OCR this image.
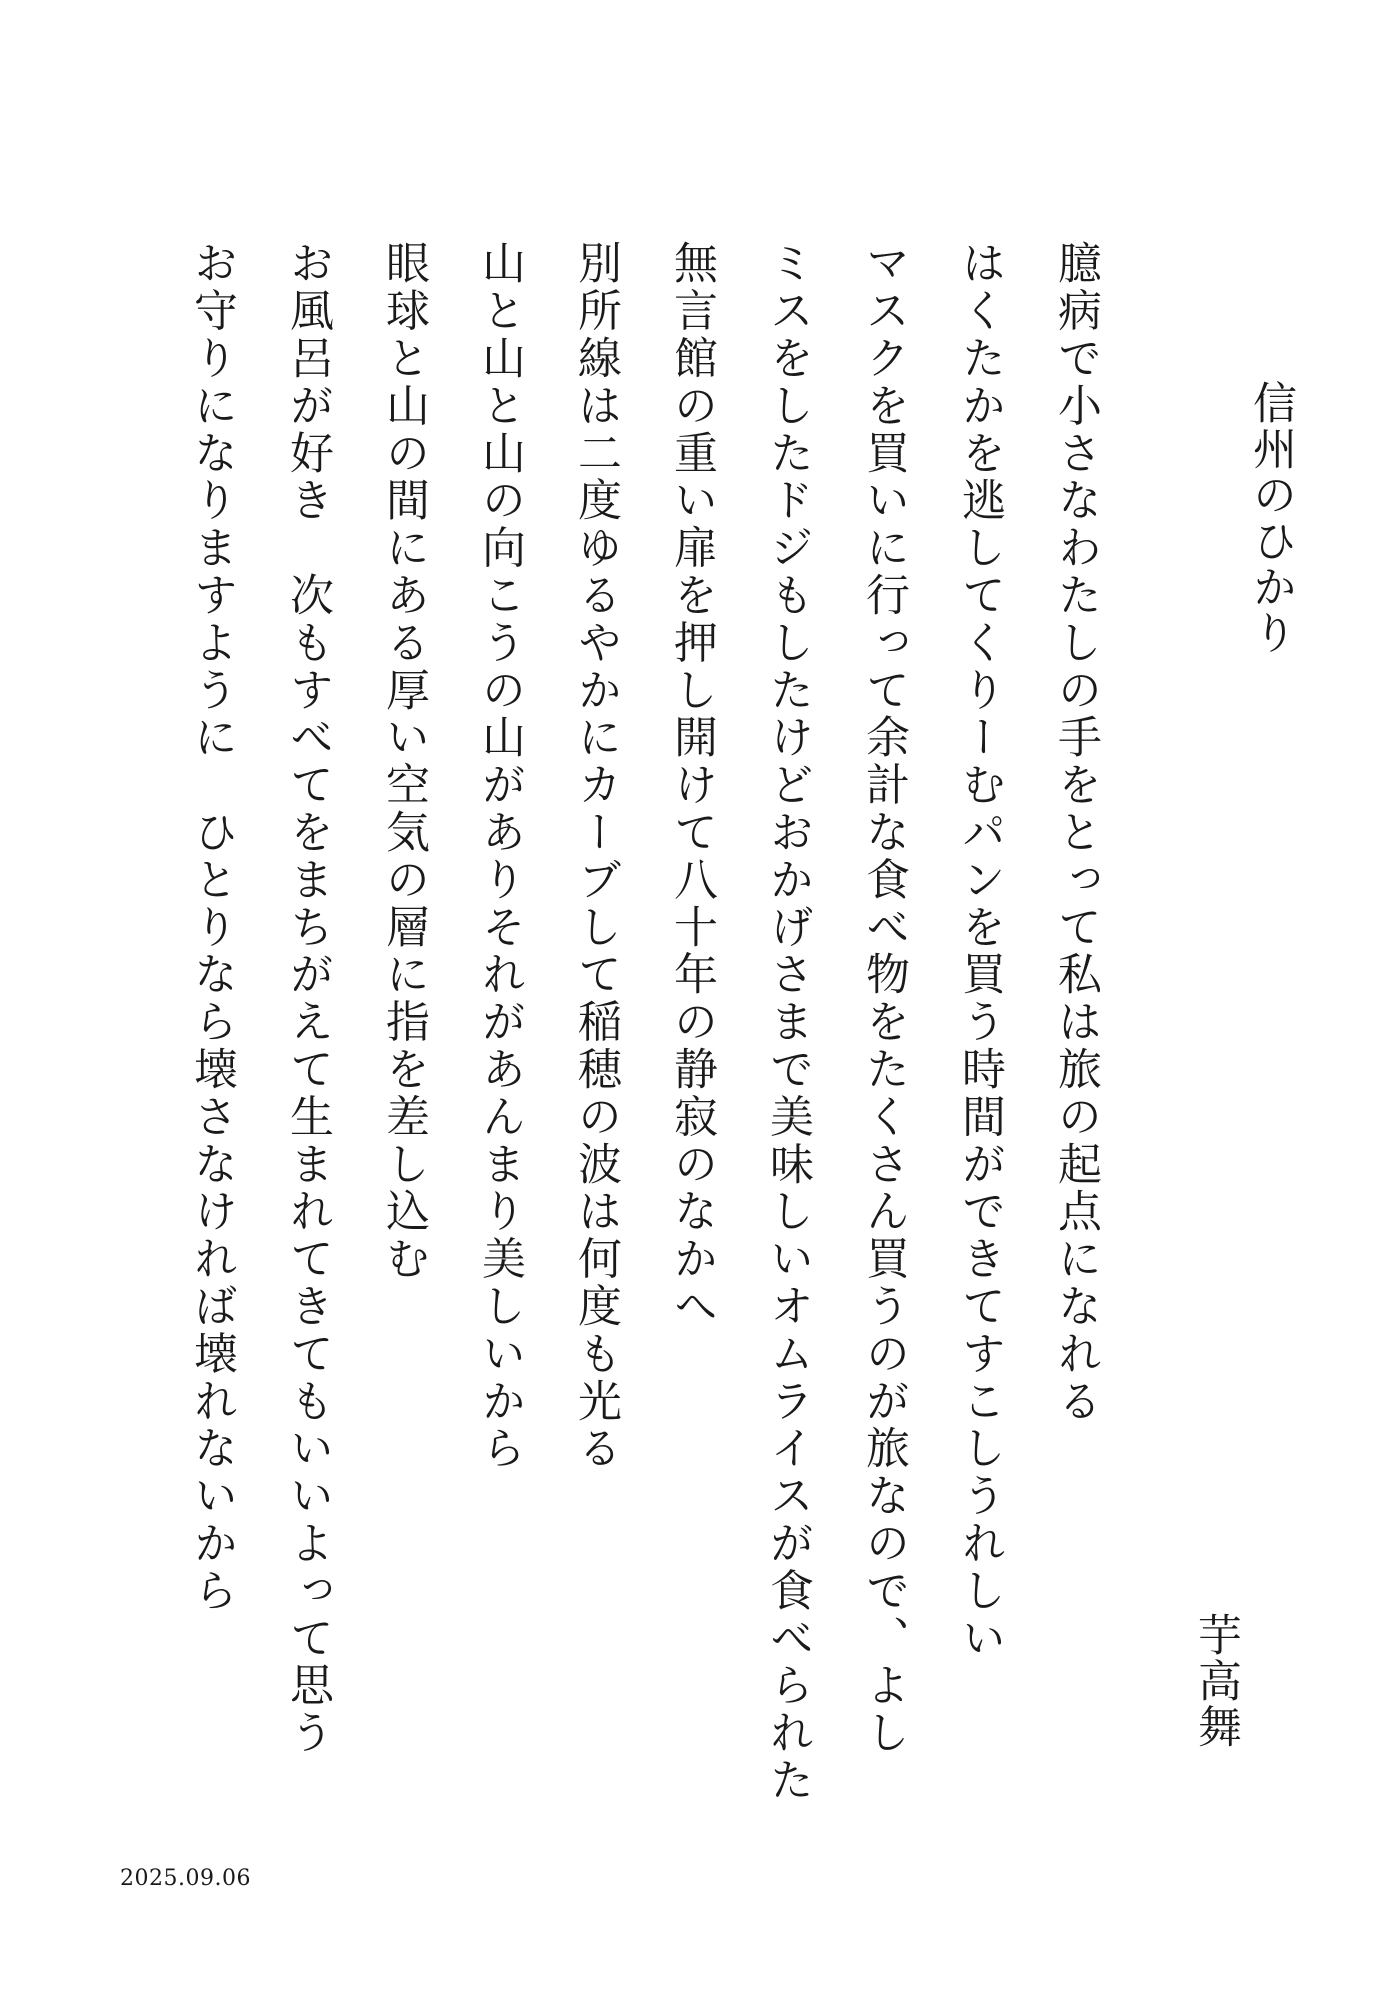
信州のひかり
臆病で小さなわたしの手をとって私は旅の起点になれる
はくたかを逃してくりーむパンを買う時間ができてすこしうれしい
マスクを買いに行って余計な食べ物をたくさん買うのが旅なので、よし
ミスをしたドジもしたけどおかげさまで美味しいオムライスが食べられた
無言館の重い扉を押し開けて八十年の静寂のなかへ
別所線は二度ゆるやかにカーブして稲穂の波は何度も光る
山と山と山の向こうの山がありそれがあんまり美しいから
眼球と山の間にある厚い空気の層に指を差し込む
お風呂が好き　次もすべてをまちがえて生まれてきてもいいよって思う
お守りになりますように　ひとりなら壊さなければ壊れないから
芋高舞
2025.09.06
